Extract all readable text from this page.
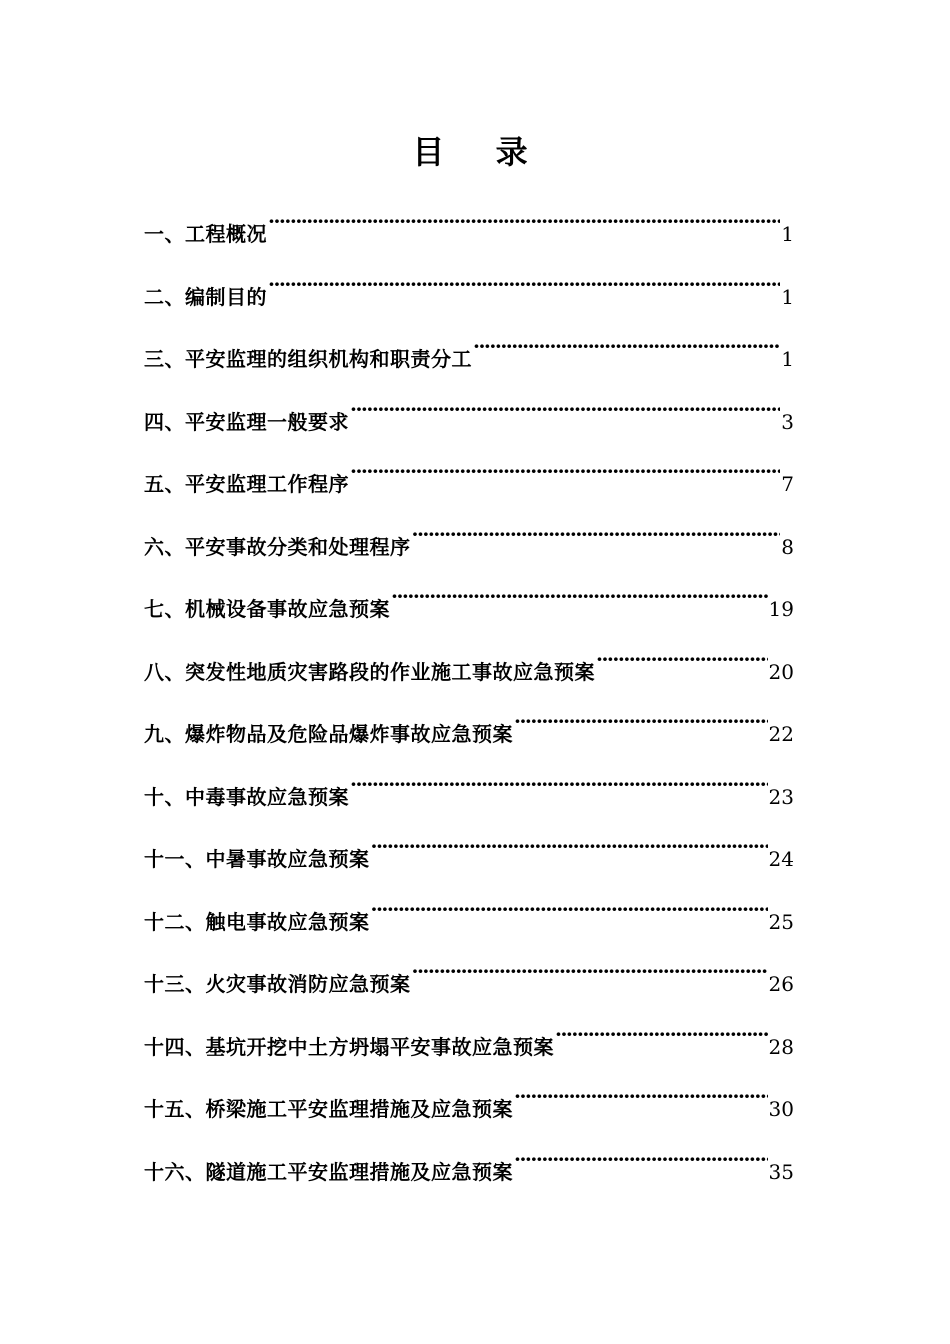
目 录
一、工程概况 ·····	1
二、编制目的 ·····	1
三、平安监理的组织机构和职责分工 ·····	1
四、平安监理一般要求 ·····	3
五、平安监理工作程序 ·····	7
六、平安事故分类和处理程序 ·····	8
七、机械设备事故应急预案 ·····	19
八、突发性地质灾害路段的作业施工事故应急预案 ·····	20
九、爆炸物品及危险品爆炸事故应急预案 ·····	22
十、中毒事故应急预案 ·····	23
十一、中暑事故应急预案 ·····	24
十二、触电事故应急预案 ·····	25
十三、火灾事故消防应急预案 ·····	26
十四、基坑开挖中土方坍塌平安事故应急预案 ·····	28
十五、桥梁施工平安监理措施及应急预案 ·····	30
十六、隧道施工平安监理措施及应急预案 ·····	35
